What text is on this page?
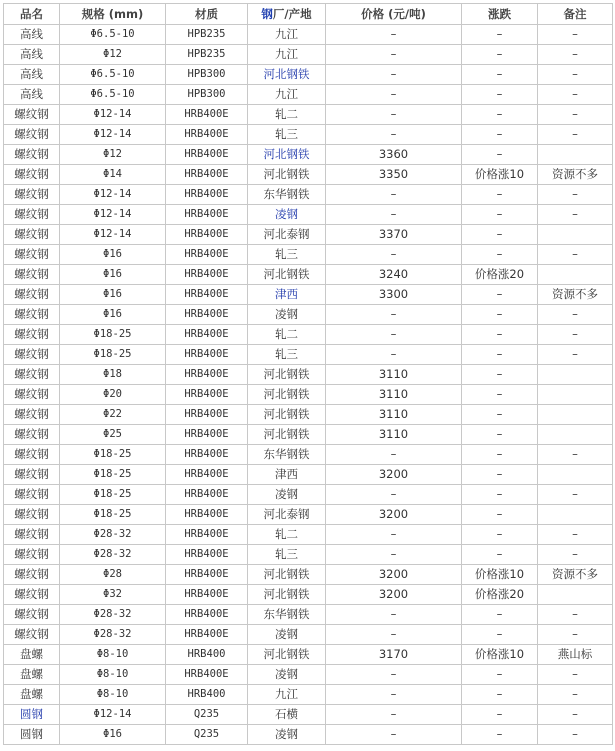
品名	规格 (mm)	材质	钢厂/产地	价格 (元/吨)	涨跌	备注
高线	Φ6.5-10	HPB235	九江	–	–	–
高线	Φ12	HPB235	九江	–	–	–
高线	Φ6.5-10	HPB300	河北钢铁	–	–	–
高线	Φ6.5-10	HPB300	九江	–	–	–
螺纹钢	Φ12-14	HRB400E	轧二	–	–	–
螺纹钢	Φ12-14	HRB400E	轧三	–	–	–
螺纹钢	Φ12	HRB400E	河北钢铁	3360	–	
螺纹钢	Φ14	HRB400E	河北钢铁	3350	价格涨10	资源不多
螺纹钢	Φ12-14	HRB400E	东华钢铁	–	–	–
螺纹钢	Φ12-14	HRB400E	凌钢	–	–	–
螺纹钢	Φ12-14	HRB400E	河北泰钢	3370	–	
螺纹钢	Φ16	HRB400E	轧三	–	–	–
螺纹钢	Φ16	HRB400E	河北钢铁	3240	价格涨20	
螺纹钢	Φ16	HRB400E	津西	3300	–	资源不多
螺纹钢	Φ16	HRB400E	凌钢	–	–	–
螺纹钢	Φ18-25	HRB400E	轧二	–	–	–
螺纹钢	Φ18-25	HRB400E	轧三	–	–	–
螺纹钢	Φ18	HRB400E	河北钢铁	3110	–	
螺纹钢	Φ20	HRB400E	河北钢铁	3110	–	
螺纹钢	Φ22	HRB400E	河北钢铁	3110	–	
螺纹钢	Φ25	HRB400E	河北钢铁	3110	–	
螺纹钢	Φ18-25	HRB400E	东华钢铁	–	–	–
螺纹钢	Φ18-25	HRB400E	津西	3200	–	
螺纹钢	Φ18-25	HRB400E	凌钢	–	–	–
螺纹钢	Φ18-25	HRB400E	河北泰钢	3200	–	
螺纹钢	Φ28-32	HRB400E	轧二	–	–	–
螺纹钢	Φ28-32	HRB400E	轧三	–	–	–
螺纹钢	Φ28	HRB400E	河北钢铁	3200	价格涨10	资源不多
螺纹钢	Φ32	HRB400E	河北钢铁	3200	价格涨20	
螺纹钢	Φ28-32	HRB400E	东华钢铁	–	–	–
螺纹钢	Φ28-32	HRB400E	凌钢	–	–	–
盘螺	Φ8-10	HRB400	河北钢铁	3170	价格涨10	燕山标
盘螺	Φ8-10	HRB400E	凌钢	–	–	–
盘螺	Φ8-10	HRB400	九江	–	–	–
圆钢	Φ12-14	Q235	石横	–	–	–
圆钢	Φ16	Q235	凌钢	–	–	–
